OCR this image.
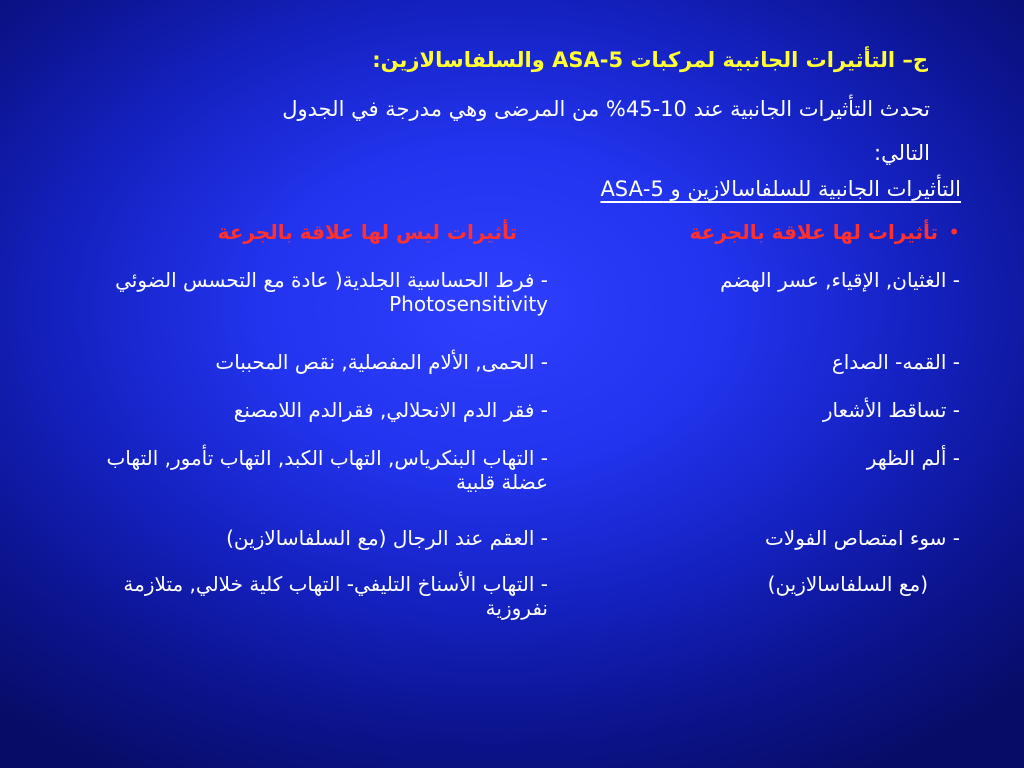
ج– التأثيرات الجانبية لمركبات 5-ASA والسلفاسالازين:
تحدث التأثيرات الجانبية عند 10-45% من المرضى وهي مدرجة في الجدول
التالي:
التأثيرات الجانبية للسلفاسالازين و 5-ASA
•
تأثيرات لها علاقة بالجرعة
تأثيرات ليس لها علاقة بالجرعة
- الغثيان, الإقياء, عسر الهضم
- القمه- الصداع
- تساقط الأشعار
- ألم الظهر
- سوء امتصاص الفولات
(مع السلفاسالازين)
- فرط الحساسية الجلدية( عادة مع التحسس الضوئي Photosensitivity
- الحمى, الألام المفصلية, نقص المحببات
- فقر الدم الانحلالي, فقرالدم اللامصنع
- التهاب البنكرياس, التهاب الكبد, التهاب تأمور, التهاب عضلة قلبية
- العقم عند الرجال (مع السلفاسالازين)
- التهاب الأسناخ التليفي- التهاب كلية خلالي, متلازمة نفروزية
